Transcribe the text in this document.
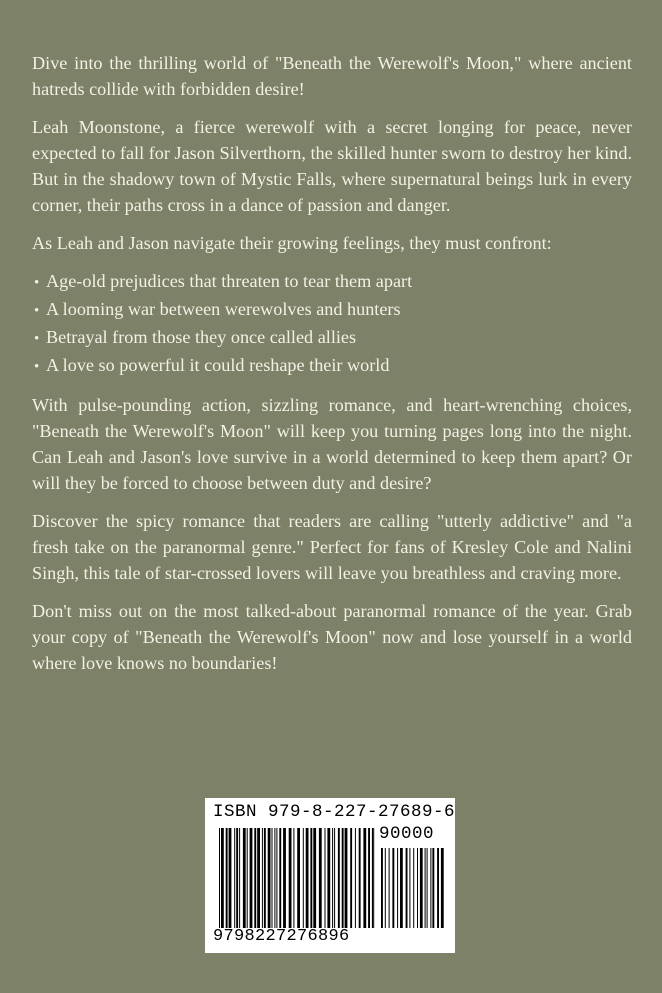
Dive into the thrilling world of "Beneath the Werewolf's Moon," where ancient hatreds collide with forbidden desire!

Leah Moonstone, a fierce werewolf with a secret longing for peace, never expected to fall for Jason Silverthorn, the skilled hunter sworn to destroy her kind. But in the shadowy town of Mystic Falls, where supernatural beings lurk in every corner, their paths cross in a dance of passion and danger.

As Leah and Jason navigate their growing feelings, they must confront:

• Age-old prejudices that threaten to tear them apart
• A looming war between werewolves and hunters
• Betrayal from those they once called allies
• A love so powerful it could reshape their world

With pulse-pounding action, sizzling romance, and heart-wrenching choices, "Beneath the Werewolf's Moon" will keep you turning pages long into the night. Can Leah and Jason's love survive in a world determined to keep them apart? Or will they be forced to choose between duty and desire?

Discover the spicy romance that readers are calling "utterly addictive" and "a fresh take on the paranormal genre." Perfect for fans of Kresley Cole and Nalini Singh, this tale of star-crossed lovers will leave you breathless and craving more.

Don't miss out on the most talked-about paranormal romance of the year. Grab your copy of "Beneath the Werewolf's Moon" now and lose yourself in a world where love knows no boundaries!

ISBN 979-8-227-27689-6
90000
9798227276896
